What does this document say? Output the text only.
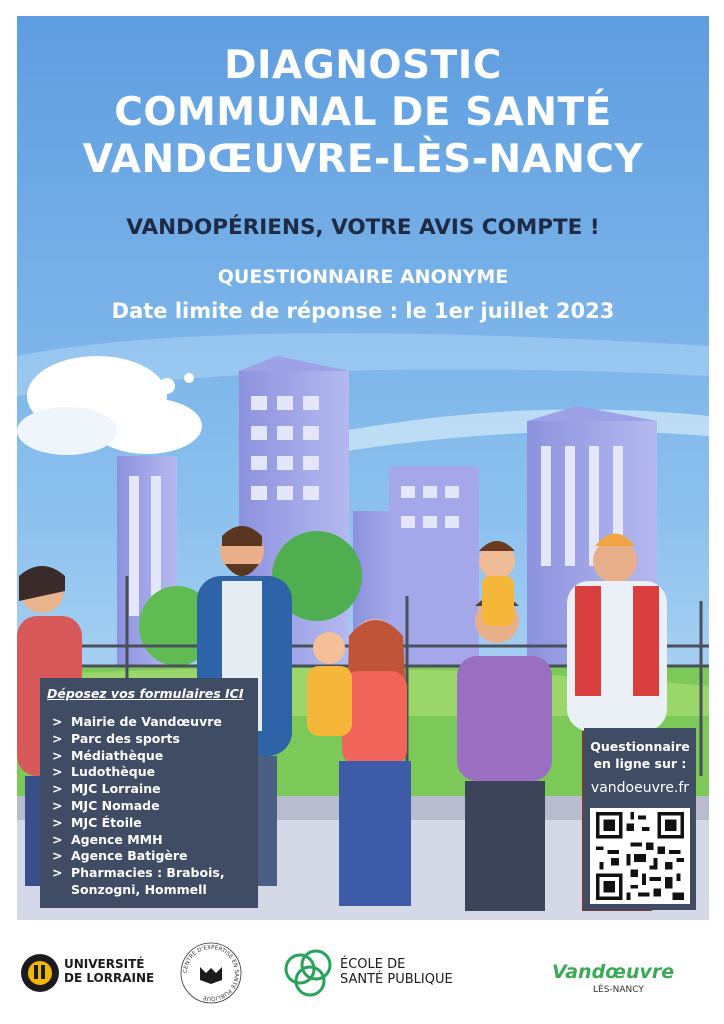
DIAGNOSTIC
COMMUNAL DE SANTÉ
VANDŒUVRE-LÈS-NANCY
VANDOPÉRIENS, VOTRE AVIS COMPTE !
QUESTIONNAIRE ANONYME
Date limite de réponse : le 1er juillet 2023
Déposez vos formulaires ICI
> Mairie de Vandœuvre
> Parc des sports
> Médiathèque
> Ludothèque
> MJC Lorraine
> MJC Nomade
> MJC Étoile
> Agence MMH
> Agence Batigère
> Pharmacies : Brabois,
Sonzogni, Hommell
Questionnaire
en ligne sur :
vandoeuvre.fr
UNIVERSITÉ
DE LORRAINE	CENTRE D'EXPERTISE EN SANTÉ PUBLIQUE
ÉCOLE DE
SANTÉ PUBLIQUE	Vandœuvre
LÈS-NANCY
